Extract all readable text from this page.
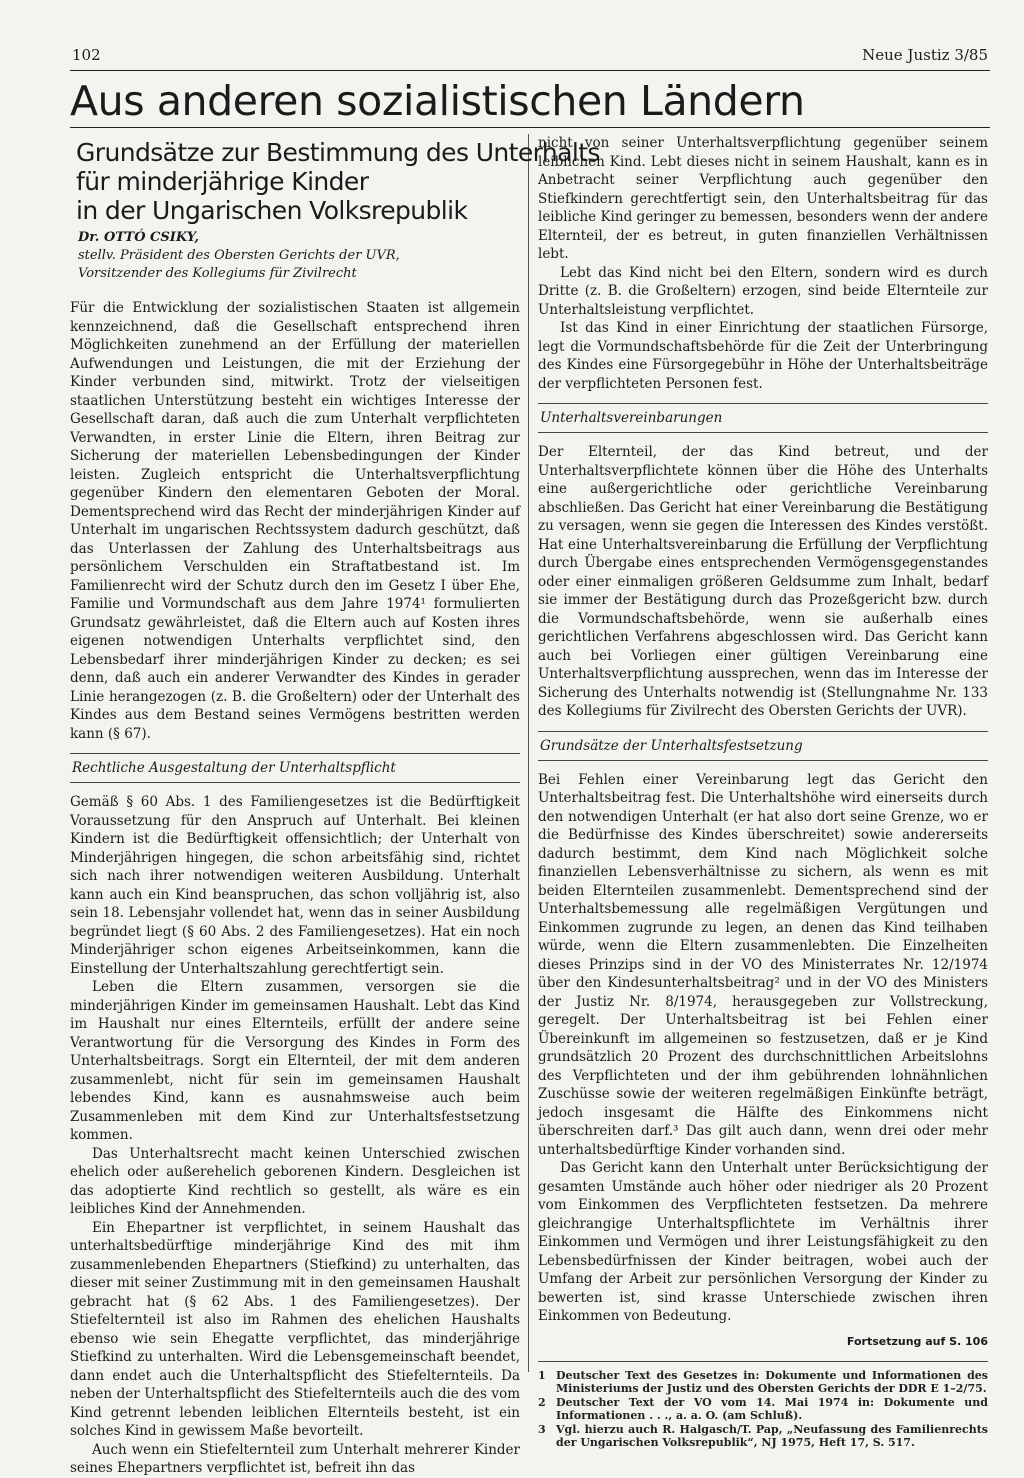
102	Neue Justiz 3/85
Aus anderen sozialistischen Ländern
Grundsätze zur Bestimmung des Unterhalts
für minderjährige Kinder
in der Ungarischen Volksrepublik
Dr. OTTÓ CSIKY,
stellv. Präsident des Obersten Gerichts der UVR,
Vorsitzender des Kollegiums für Zivilrecht

Für die Entwicklung der sozialistischen Staaten ist allgemein kennzeichnend, daß die Gesellschaft entsprechend ihren Möglichkeiten zunehmend an der Erfüllung der materiellen Aufwendungen und Leistungen, die mit der Erziehung der Kinder verbunden sind, mitwirkt. Trotz der vielseitigen staatlichen Unterstützung besteht ein wichtiges Interesse der Gesellschaft daran, daß auch die zum Unterhalt verpflichteten Verwandten, in erster Linie die Eltern, ihren Beitrag zur Sicherung der materiellen Lebensbedingungen der Kinder leisten. Zugleich entspricht die Unterhaltsverpflichtung gegenüber Kindern den elementaren Geboten der Moral. Dementsprechend wird das Recht der minderjährigen Kinder auf Unterhalt im ungarischen Rechtssystem dadurch geschützt, daß das Unterlassen der Zahlung des Unterhaltsbeitrags aus persönlichem Verschulden ein Straftatbestand ist. Im Familienrecht wird der Schutz durch den im Gesetz I über Ehe, Familie und Vormundschaft aus dem Jahre 1974¹ formulierten Grundsatz gewährleistet, daß die Eltern auch auf Kosten ihres eigenen notwendigen Unterhalts verpflichtet sind, den Lebensbedarf ihrer minderjährigen Kinder zu decken; es sei denn, daß auch ein anderer Verwandter des Kindes in gerader Linie herangezogen (z. B. die Großeltern) oder der Unterhalt des Kindes aus dem Bestand seines Vermögens bestritten werden kann (§ 67).

Rechtliche Ausgestaltung der Unterhaltspflicht

Gemäß § 60 Abs. 1 des Familiengesetzes ist die Bedürftigkeit Voraussetzung für den Anspruch auf Unterhalt. Bei kleinen Kindern ist die Bedürftigkeit offensichtlich; der Unterhalt von Minderjährigen hingegen, die schon arbeitsfähig sind, richtet sich nach ihrer notwendigen weiteren Ausbildung. Unterhalt kann auch ein Kind beanspruchen, das schon volljährig ist, also sein 18. Lebensjahr vollendet hat, wenn das in seiner Ausbildung begründet liegt (§ 60 Abs. 2 des Familiengesetzes). Hat ein noch Minderjähriger schon eigenes Arbeitseinkommen, kann die Einstellung der Unterhaltszahlung gerechtfertigt sein.

Leben die Eltern zusammen, versorgen sie die minderjährigen Kinder im gemeinsamen Haushalt. Lebt das Kind im Haushalt nur eines Elternteils, erfüllt der andere seine Verantwortung für die Versorgung des Kindes in Form des Unterhaltsbeitrags. Sorgt ein Elternteil, der mit dem anderen zusammenlebt, nicht für sein im gemeinsamen Haushalt lebendes Kind, kann es ausnahmsweise auch beim Zusammenleben mit dem Kind zur Unterhaltsfestsetzung kommen.

Das Unterhaltsrecht macht keinen Unterschied zwischen ehelich oder außerehelich geborenen Kindern. Desgleichen ist das adoptierte Kind rechtlich so gestellt, als wäre es ein leibliches Kind der Annehmenden.

Ein Ehepartner ist verpflichtet, in seinem Haushalt das unterhaltsbedürftige minderjährige Kind des mit ihm zusammenlebenden Ehepartners (Stiefkind) zu unterhalten, das dieser mit seiner Zustimmung mit in den gemeinsamen Haushalt gebracht hat (§ 62 Abs. 1 des Familiengesetzes). Der Stiefelternteil ist also im Rahmen des ehelichen Haushalts ebenso wie sein Ehegatte verpflichtet, das minderjährige Stiefkind zu unterhalten. Wird die Lebensgemeinschaft beendet, dann endet auch die Unterhaltspflicht des Stiefelternteils. Da neben der Unterhaltspflicht des Stiefelternteils auch die des vom Kind getrennt lebenden leiblichen Elternteils besteht, ist ein solches Kind in gewissem Maße bevorteilt.

Auch wenn ein Stiefelternteil zum Unterhalt mehrerer Kinder seines Ehepartners verpflichtet ist, befreit ihn das

nicht von seiner Unterhaltsverpflichtung gegenüber seinem leiblichen Kind. Lebt dieses nicht in seinem Haushalt, kann es in Anbetracht seiner Verpflichtung auch gegenüber den Stiefkindern gerechtfertigt sein, den Unterhaltsbeitrag für das leibliche Kind geringer zu bemessen, besonders wenn der andere Elternteil, der es betreut, in guten finanziellen Verhältnissen lebt.

Lebt das Kind nicht bei den Eltern, sondern wird es durch Dritte (z. B. die Großeltern) erzogen, sind beide Elternteile zur Unterhaltsleistung verpflichtet.

Ist das Kind in einer Einrichtung der staatlichen Fürsorge, legt die Vormundschaftsbehörde für die Zeit der Unterbringung des Kindes eine Fürsorgegebühr in Höhe der Unterhaltsbeiträge der verpflichteten Personen fest.

Unterhaltsvereinbarungen

Der Elternteil, der das Kind betreut, und der Unterhaltsverpflichtete können über die Höhe des Unterhalts eine außergerichtliche oder gerichtliche Vereinbarung abschließen. Das Gericht hat einer Vereinbarung die Bestätigung zu versagen, wenn sie gegen die Interessen des Kindes verstößt. Hat eine Unterhaltsvereinbarung die Erfüllung der Verpflichtung durch Übergabe eines entsprechenden Vermögensgegenstandes oder einer einmaligen größeren Geldsumme zum Inhalt, bedarf sie immer der Bestätigung durch das Prozeßgericht bzw. durch die Vormundschaftsbehörde, wenn sie außerhalb eines gerichtlichen Verfahrens abgeschlossen wird. Das Gericht kann auch bei Vorliegen einer gültigen Vereinbarung eine Unterhaltsverpflichtung aussprechen, wenn das im Interesse der Sicherung des Unterhalts notwendig ist (Stellungnahme Nr. 133 des Kollegiums für Zivilrecht des Obersten Gerichts der UVR).

Grundsätze der Unterhaltsfestsetzung

Bei Fehlen einer Vereinbarung legt das Gericht den Unterhaltsbeitrag fest. Die Unterhaltshöhe wird einerseits durch den notwendigen Unterhalt (er hat also dort seine Grenze, wo er die Bedürfnisse des Kindes überschreitet) sowie andererseits dadurch bestimmt, dem Kind nach Möglichkeit solche finanziellen Lebensverhältnisse zu sichern, als wenn es mit beiden Elternteilen zusammenlebt. Dementsprechend sind der Unterhaltsbemessung alle regelmäßigen Vergütungen und Einkommen zugrunde zu legen, an denen das Kind teilhaben würde, wenn die Eltern zusammenlebten. Die Einzelheiten dieses Prinzips sind in der VO des Ministerrates Nr. 12/1974 über den Kindesunterhaltsbeitrag² und in der VO des Ministers der Justiz Nr. 8/1974, herausgegeben zur Vollstreckung, geregelt. Der Unterhaltsbeitrag ist bei Fehlen einer Übereinkunft im allgemeinen so festzusetzen, daß er je Kind grundsätzlich 20 Prozent des durchschnittlichen Arbeitslohns des Verpflichteten und der ihm gebührenden lohnähnlichen Zuschüsse sowie der weiteren regelmäßigen Einkünfte beträgt, jedoch insgesamt die Hälfte des Einkommens nicht überschreiten darf.³ Das gilt auch dann, wenn drei oder mehr unterhaltsbedürftige Kinder vorhanden sind.

Das Gericht kann den Unterhalt unter Berücksichtigung der gesamten Umstände auch höher oder niedriger als 20 Prozent vom Einkommen des Verpflichteten festsetzen. Da mehrere gleichrangige Unterhaltspflichtete im Verhältnis ihrer Einkommen und Vermögen und ihrer Leistungsfähigkeit zu den Lebensbedürfnissen der Kinder beitragen, wobei auch der Umfang der Arbeit zur persönlichen Versorgung der Kinder zu bewerten ist, sind krasse Unterschiede zwischen ihren Einkommen von Bedeutung.

Fortsetzung auf S. 106
1 Deutscher Text des Gesetzes in: Dokumente und Informationen des Ministeriums der Justiz und des Obersten Gerichts der DDR E 1–2/75.
2 Deutscher Text der VO vom 14. Mai 1974 in: Dokumente und Informationen . . ., a. a. O. (am Schluß).
3 Vgl. hierzu auch R. Halgasch/T. Pap, „Neufassung des Familienrechts der Ungarischen Volksrepublik“, NJ 1975, Heft 17, S. 517.
